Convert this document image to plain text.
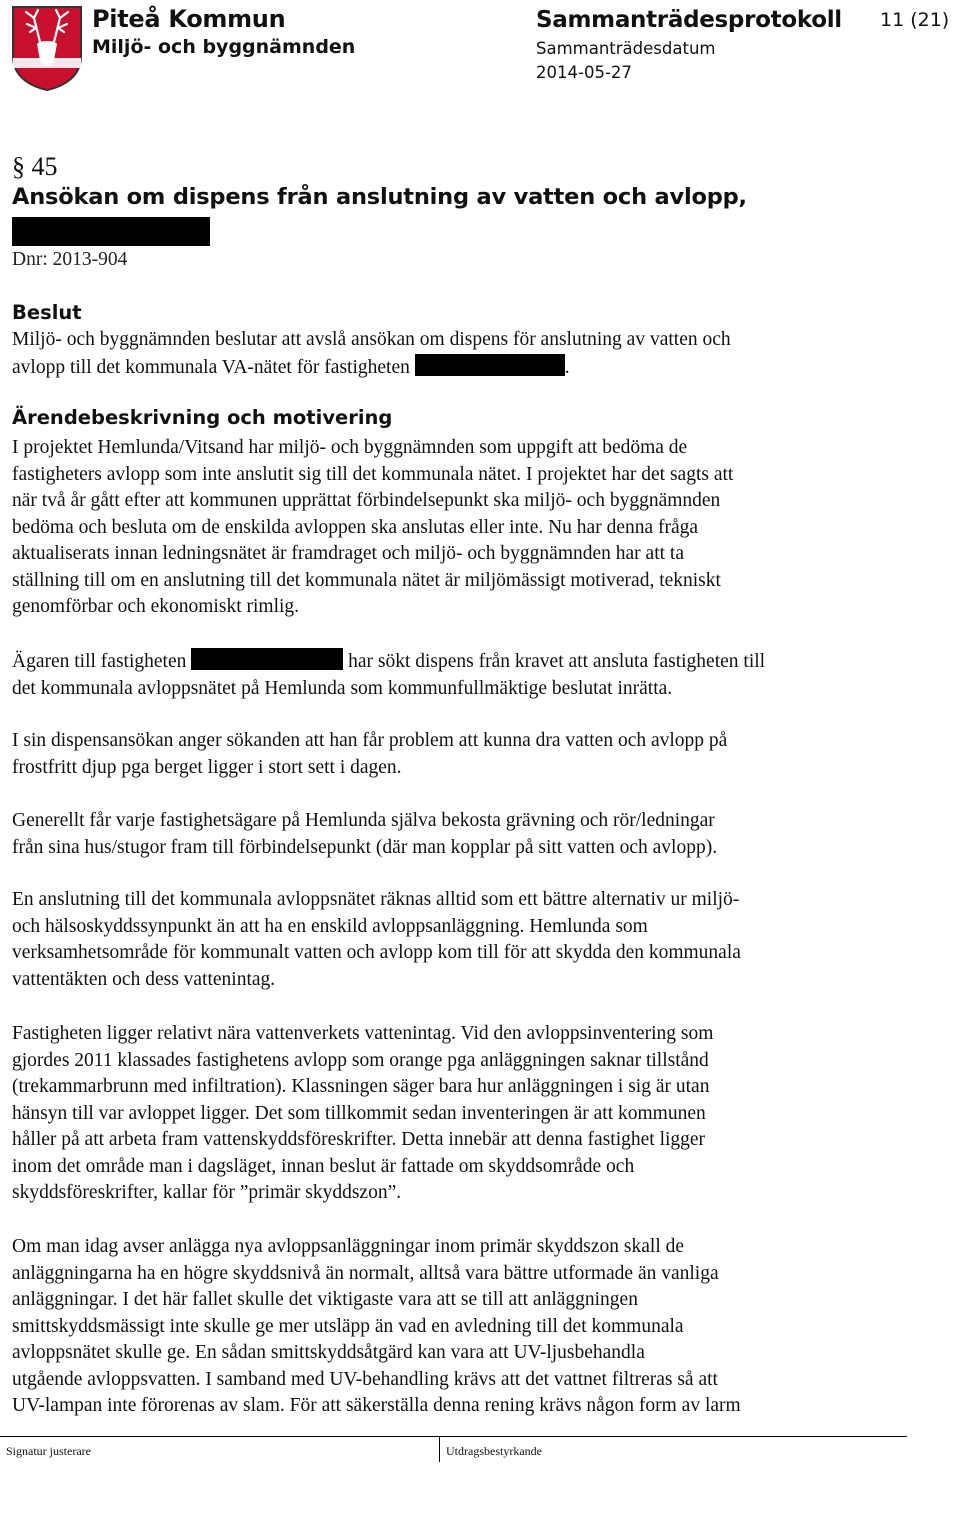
Piteå Kommun
Miljö- och byggnämnden
Sammanträdesprotokoll
Sammanträdesdatum
2014-05-27
11 (21)
§ 45
Ansökan om dispens från anslutning av vatten och avlopp,
Dnr: 2013-904
Beslut
Miljö- och byggnämnden beslutar att avslå ansökan om dispens för anslutning av vatten och
avlopp till det kommunala VA-nätet för fastigheten	.
Ärendebeskrivning och motivering
I projektet Hemlunda/Vitsand har miljö- och byggnämnden som uppgift att bedöma de
fastigheters avlopp som inte anslutit sig till det kommunala nätet. I projektet har det sagts att
när två år gått efter att kommunen upprättat förbindelsepunkt ska miljö- och byggnämnden
bedöma och besluta om de enskilda avloppen ska anslutas eller inte. Nu har denna fråga
aktualiserats innan ledningsnätet är framdraget och miljö- och byggnämnden har att ta
ställning till om en anslutning till det kommunala nätet är miljömässigt motiverad, tekniskt
genomförbar och ekonomiskt rimlig.
Ägaren till fastigheten	har sökt dispens från kravet att ansluta fastigheten till
det kommunala avloppsnätet på Hemlunda som kommunfullmäktige beslutat inrätta.
I sin dispensansökan anger sökanden att han får problem att kunna dra vatten och avlopp på
frostfritt djup pga berget ligger i stort sett i dagen.
Generellt får varje fastighetsägare på Hemlunda själva bekosta grävning och rör/ledningar
från sina hus/stugor fram till förbindelsepunkt (där man kopplar på sitt vatten och avlopp).
En anslutning till det kommunala avloppsnätet räknas alltid som ett bättre alternativ ur miljö-
och hälsoskyddssynpunkt än att ha en enskild avloppsanläggning. Hemlunda som
verksamhetsområde för kommunalt vatten och avlopp kom till för att skydda den kommunala
vattentäkten och dess vattenintag.
Fastigheten ligger relativt nära vattenverkets vattenintag. Vid den avloppsinventering som
gjordes 2011 klassades fastighetens avlopp som orange pga anläggningen saknar tillstånd
(trekammarbrunn med infiltration). Klassningen säger bara hur anläggningen i sig är utan
hänsyn till var avloppet ligger. Det som tillkommit sedan inventeringen är att kommunen
håller på att arbeta fram vattenskyddsföreskrifter. Detta innebär att denna fastighet ligger
inom det område man i dagsläget, innan beslut är fattade om skyddsområde och
skyddsföreskrifter, kallar för ”primär skyddszon”.
Om man idag avser anlägga nya avloppsanläggningar inom primär skyddszon skall de
anläggningarna ha en högre skyddsnivå än normalt, alltså vara bättre utformade än vanliga
anläggningar. I det här fallet skulle det viktigaste vara att se till att anläggningen
smittskyddsmässigt inte skulle ge mer utsläpp än vad en avledning till det kommunala
avloppsnätet skulle ge. En sådan smittskyddsåtgärd kan vara att UV-ljusbehandla
utgående avloppsvatten. I samband med UV-behandling krävs att det vattnet filtreras så att
UV-lampan inte förorenas av slam. För att säkerställa denna rening krävs någon form av larm
Signatur justerare	Utdragsbestyrkande
